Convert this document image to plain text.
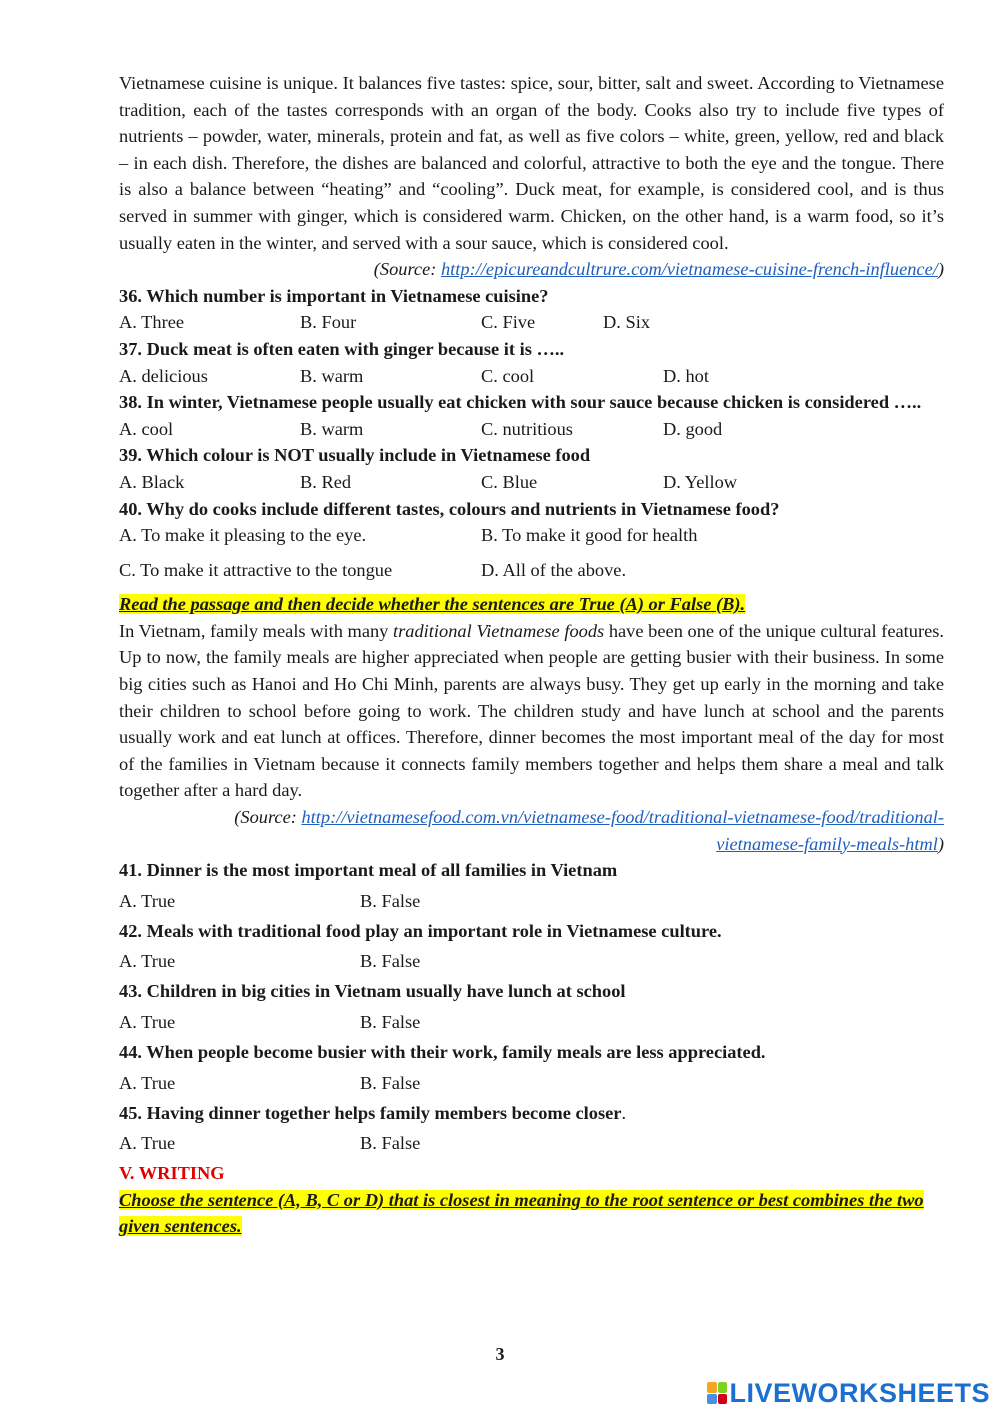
Vietnamese cuisine is unique. It balances five tastes: spice, sour, bitter, salt and sweet. According to Vietnamese tradition, each of the tastes corresponds with an organ of the body. Cooks also try to include five types of nutrients – powder, water, minerals, protein and fat, as well as five colors – white, green, yellow, red and black – in each dish. Therefore, the dishes are balanced and colorful, attractive to both the eye and the tongue. There is also a balance between “heating” and “cooling”. Duck meat, for example, is considered cool, and is thus served in summer with ginger, which is considered warm. Chicken, on the other hand, is a warm food, so it’s usually eaten in the winter, and served with a sour sauce, which is considered cool.

(Source: http://epicureandcultrure.com/vietnamese-cuisine-french-influence/)

36. Which number is important in Vietnamese cuisine?

A. Three	B. Four	C. Five	D. Six

37. Duck meat is often eaten with ginger because it is …..

A. delicious	B. warm	C. cool	D. hot

38. In winter, Vietnamese people usually eat chicken with sour sauce because chicken is considered …..

A. cool	B. warm	C. nutritious	D. good

39. Which colour is NOT usually include in Vietnamese food

A. Black	B. Red	C. Blue	D. Yellow

40. Why do cooks include different tastes, colours and nutrients in Vietnamese food?

A. To make it pleasing to the eye.	B. To make it good for health
C. To make it attractive to the tongue	D. All of the above.

Read the passage and then decide whether the sentences are True (A) or False (B).

In Vietnam, family meals with many traditional Vietnamese foods have been one of the unique cultural features. Up to now, the family meals are higher appreciated when people are getting busier with their business. In some big cities such as Hanoi and Ho Chi Minh, parents are always busy. They get up early in the morning and take their children to school before going to work. The children study and have lunch at school and the parents usually work and eat lunch at offices. Therefore, dinner becomes the most important meal of the day for most of the families in Vietnam because it connects family members together and helps them share a meal and talk together after a hard day.

(Source: http://vietnamesefood.com.vn/vietnamese-food/traditional-vietnamese-food/traditional-
vietnamese-family-meals-html)

41. Dinner is the most important meal of all families in Vietnam

A. True	B. False

42. Meals with traditional food play an important role in Vietnamese culture.

A. True	B. False

43. Children in big cities in Vietnam usually have lunch at school

A. True	B. False

44. When people become busier with their work, family meals are less appreciated.

A. True	B. False

45. Having dinner together helps family members become closer.

A. True	B. False

V. WRITING

Choose the sentence (A, B, C or D) that is closest in meaning to the root sentence or best combines the two given sentences.

3
LIVEWORKSHEETS
